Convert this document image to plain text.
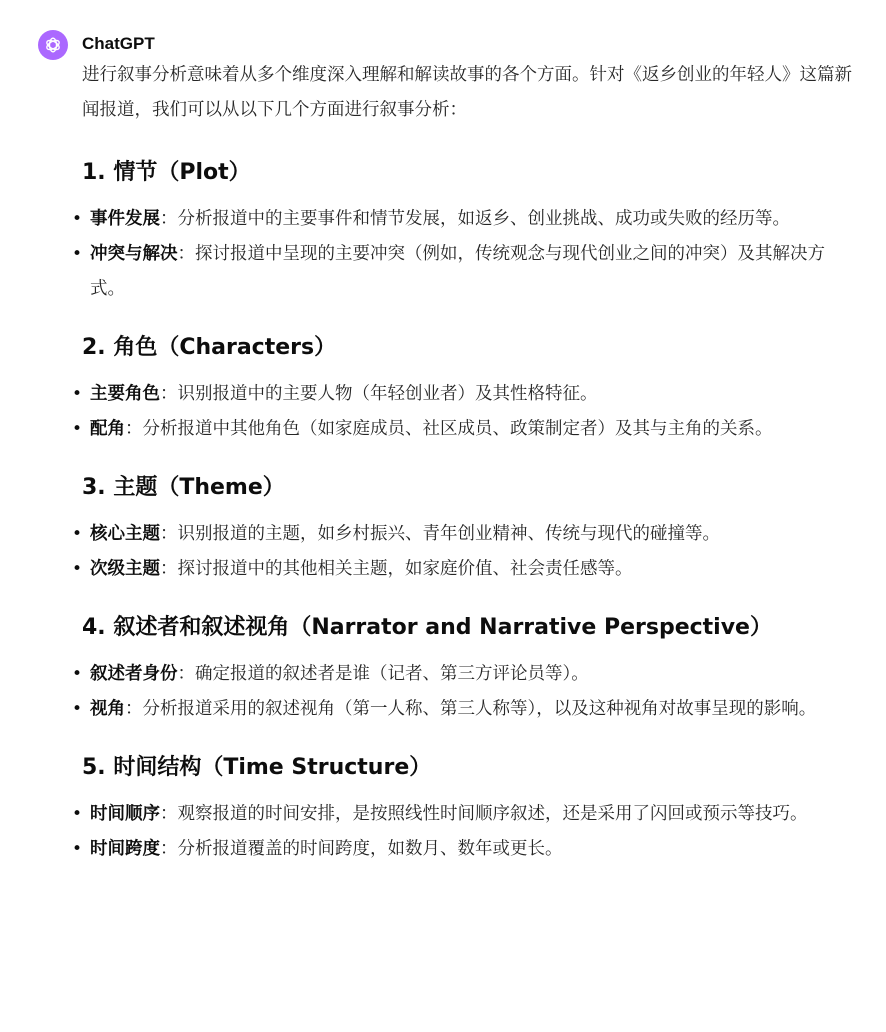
ChatGPT

进行叙事分析意味着从多个维度深入理解和解读故事的各个方面。针对《返乡创业的年轻人》这篇新闻报道，我们可以从以下几个方面进行叙事分析：

1. 情节（Plot）
• 事件发展：分析报道中的主要事件和情节发展，如返乡、创业挑战、成功或失败的经历等。
• 冲突与解决：探讨报道中呈现的主要冲突（例如，传统观念与现代创业之间的冲突）及其解决方式。
2. 角色（Characters）
• 主要角色：识别报道中的主要人物（年轻创业者）及其性格特征。
• 配角：分析报道中其他角色（如家庭成员、社区成员、政策制定者）及其与主角的关系。
3. 主题（Theme）
• 核心主题：识别报道的主题，如乡村振兴、青年创业精神、传统与现代的碰撞等。
• 次级主题：探讨报道中的其他相关主题，如家庭价值、社会责任感等。
4. 叙述者和叙述视角（Narrator and Narrative Perspective）
• 叙述者身份：确定报道的叙述者是谁（记者、第三方评论员等）。
• 视角：分析报道采用的叙述视角（第一人称、第三人称等），以及这种视角对故事呈现的影响。
5. 时间结构（Time Structure）
• 时间顺序：观察报道的时间安排，是按照线性时间顺序叙述，还是采用了闪回或预示等技巧。
• 时间跨度：分析报道覆盖的时间跨度，如数月、数年或更长。
